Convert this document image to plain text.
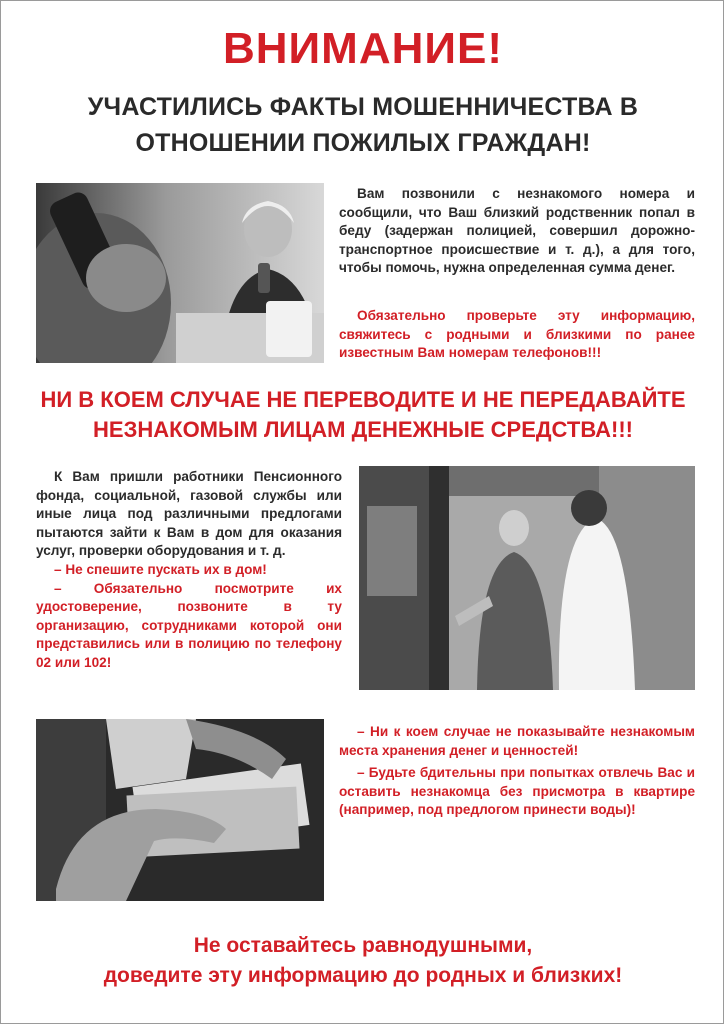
ВНИМАНИЕ!
УЧАСТИЛИСЬ ФАКТЫ МОШЕННИЧЕСТВА В
ОТНОШЕНИИ ПОЖИЛЫХ ГРАЖДАН!

Вам позвонили с незнакомого номера и сообщили, что Ваш близкий родственник попал в беду (задержан полицией, совершил дорожно-транспортное происшествие и т. д.), а для того, чтобы помочь, нужна определенная сумма денег.

Обязательно проверьте эту информацию, свяжитесь с родными и близкими по ранее известным Вам номерам телефонов!!!

НИ В КОЕМ СЛУЧАЕ НЕ ПЕРЕВОДИТЕ И НЕ ПЕРЕДАВАЙТЕ
НЕЗНАКОМЫМ ЛИЦАМ ДЕНЕЖНЫЕ СРЕДСТВА!!!

К Вам пришли работники Пенсионного фонда, социальной, газовой службы или иные лица под различными предлогами пытаются зайти к Вам в дом для оказания услуг, проверки оборудования и т. д.

– Не спешите пускать их в дом!

– Обязательно посмотрите их удостоверение, позвоните в ту организацию, сотрудниками которой они представились или в полицию по телефону 02 или 102!

– Ни к коем случае не показывайте незнакомым места хранения денег и ценностей!

– Будьте бдительны при попытках отвлечь Вас и оставить незнакомца без присмотра в квартире (например, под предлогом принести воды)!

Не оставайтесь равнодушными,
доведите эту информацию до родных и близких!
